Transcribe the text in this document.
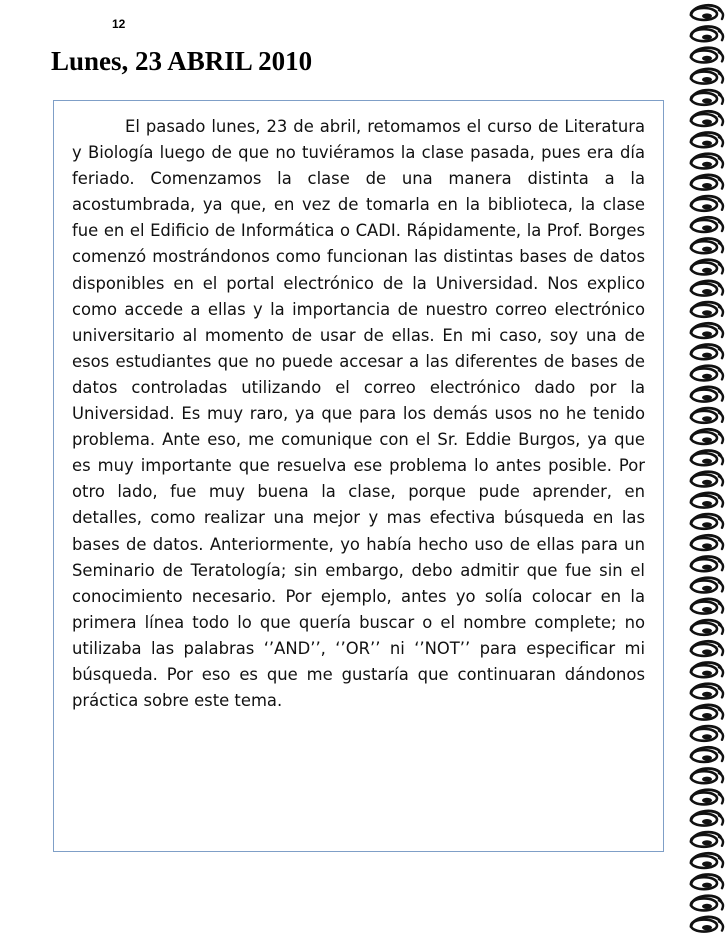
12
Lunes, 23 ABRIL 2010

El pasado lunes, 23 de abril, retomamos el curso de Literatura y Biología luego de que no tuviéramos la clase pasada, pues era día feriado. Comenzamos la clase de una manera distinta a la acostumbrada, ya que, en vez de tomarla en la biblioteca, la clase fue en el Edificio de Informática o CADI. Rápidamente, la Prof. Borges comenzó mostrándonos como funcionan las distintas bases de datos disponibles en el portal electrónico de la Universidad. Nos explico como accede a ellas y la importancia de nuestro correo electrónico universitario al momento de usar de ellas. En mi caso, soy una de esos estudiantes que no puede accesar a las diferentes de bases de datos controladas utilizando el correo electrónico dado por la Universidad. Es muy raro, ya que para los demás usos no he tenido problema. Ante eso, me comunique con el Sr. Eddie Burgos, ya que es muy importante que resuelva ese problema lo antes posible. Por otro lado, fue muy buena la clase, porque pude aprender, en detalles, como realizar una mejor y mas efectiva búsqueda en las bases de datos. Anteriormente, yo había hecho uso de ellas para un Seminario de Teratología; sin embargo, debo admitir que fue sin el conocimiento necesario. Por ejemplo, antes yo solía colocar en la primera línea todo lo que quería buscar o el nombre complete; no utilizaba las palabras ‘’AND’’, ‘’OR’’ ni ‘’NOT’’ para especificar mi búsqueda. Por eso es que me gustaría que continuaran dándonos práctica sobre este tema.
